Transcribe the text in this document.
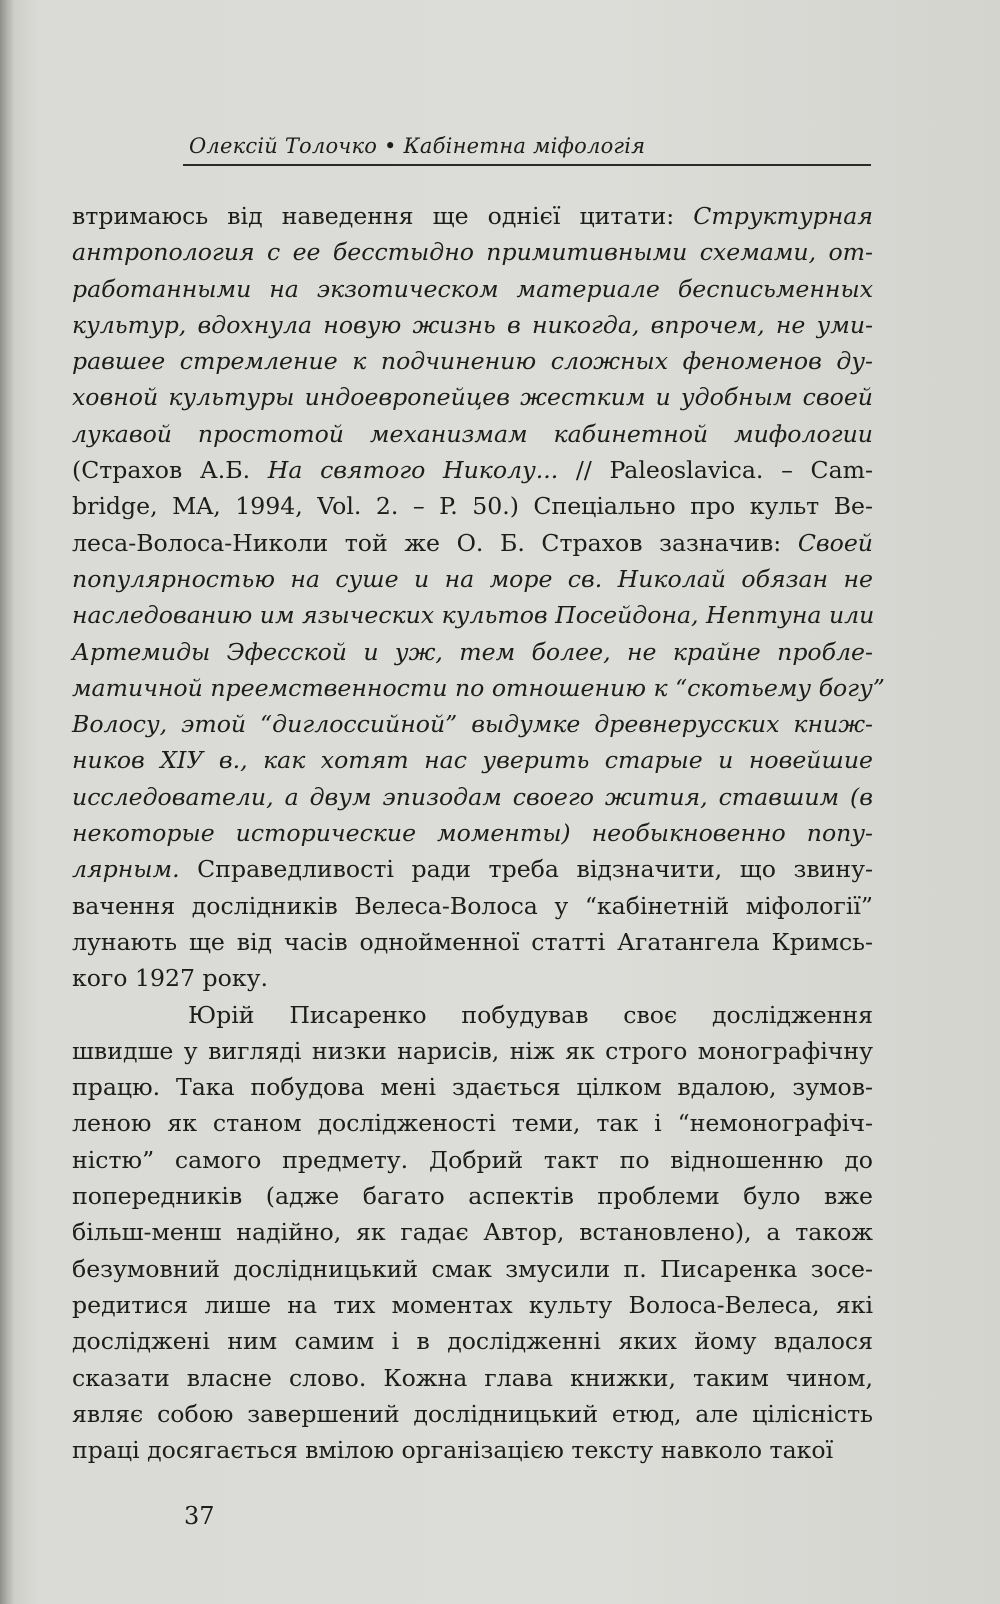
Олексій Толочко • Кабінетна міфологія
втримаюсь від наведення ще однієї цитати: Структурная
антропология с ее бесстыдно примитивными схемами, от-
работанными на экзотическом материале бесписьменных
культур, вдохнула новую жизнь в никогда, впрочем, не уми-
равшее стремление к подчинению сложных феноменов ду-
ховной культуры индоевропейцев жестким и удобным своей
лукавой простотой механизмам кабинетной мифологии
(Страхов А.Б. На святого Николу... // Paleoslavica. – Cam-
bridge, MA, 1994, Vol. 2. – P. 50.) Спеціально про культ Ве-
леса-Волоса-Николи той же О. Б. Страхов зазначив: Своей
популярностью на суше и на море св. Николай обязан не
наследованию им языческих культов Посейдона, Нептуна или
Артемиды Эфесской и уж, тем более, не крайне пробле-
матичной преемственности по отношению к “скотьему богу”
Волосу, этой “диглоссийной” выдумке древнерусских книж-
ников XIУ в., как хотят нас уверить старые и новейшие
исследователи, а двум эпизодам своего жития, ставшим (в
некоторые исторические моменты) необыкновенно попу-
лярным. Справедливості ради треба відзначити, що звину-
вачення дослідників Велеса-Волоса у “кабінетній міфології”
лунають ще від часів однойменної статті Агатангела Кримсь-
кого 1927 року.
Юрій Писаренко побудував своє дослідження
швидше у вигляді низки нарисів, ніж як строго монографічну
працю. Така побудова мені здається цілком вдалою, зумов-
леною як станом дослідженості теми, так і “немонографіч-
ністю” самого предмету. Добрий такт по відношенню до
попередників (адже багато аспектів проблеми було вже
більш-менш надійно, як гадає Автор, встановлено), а також
безумовний дослідницький смак змусили п. Писаренка зосе-
редитися лише на тих моментах культу Волоса-Велеса, які
досліджені ним самим і в дослідженні яких йому вдалося
сказати власне слово. Кожна глава книжки, таким чином,
являє собою завершений дослідницький етюд, але цілісність
праці досягається вмілою організацією тексту навколо такої
37
